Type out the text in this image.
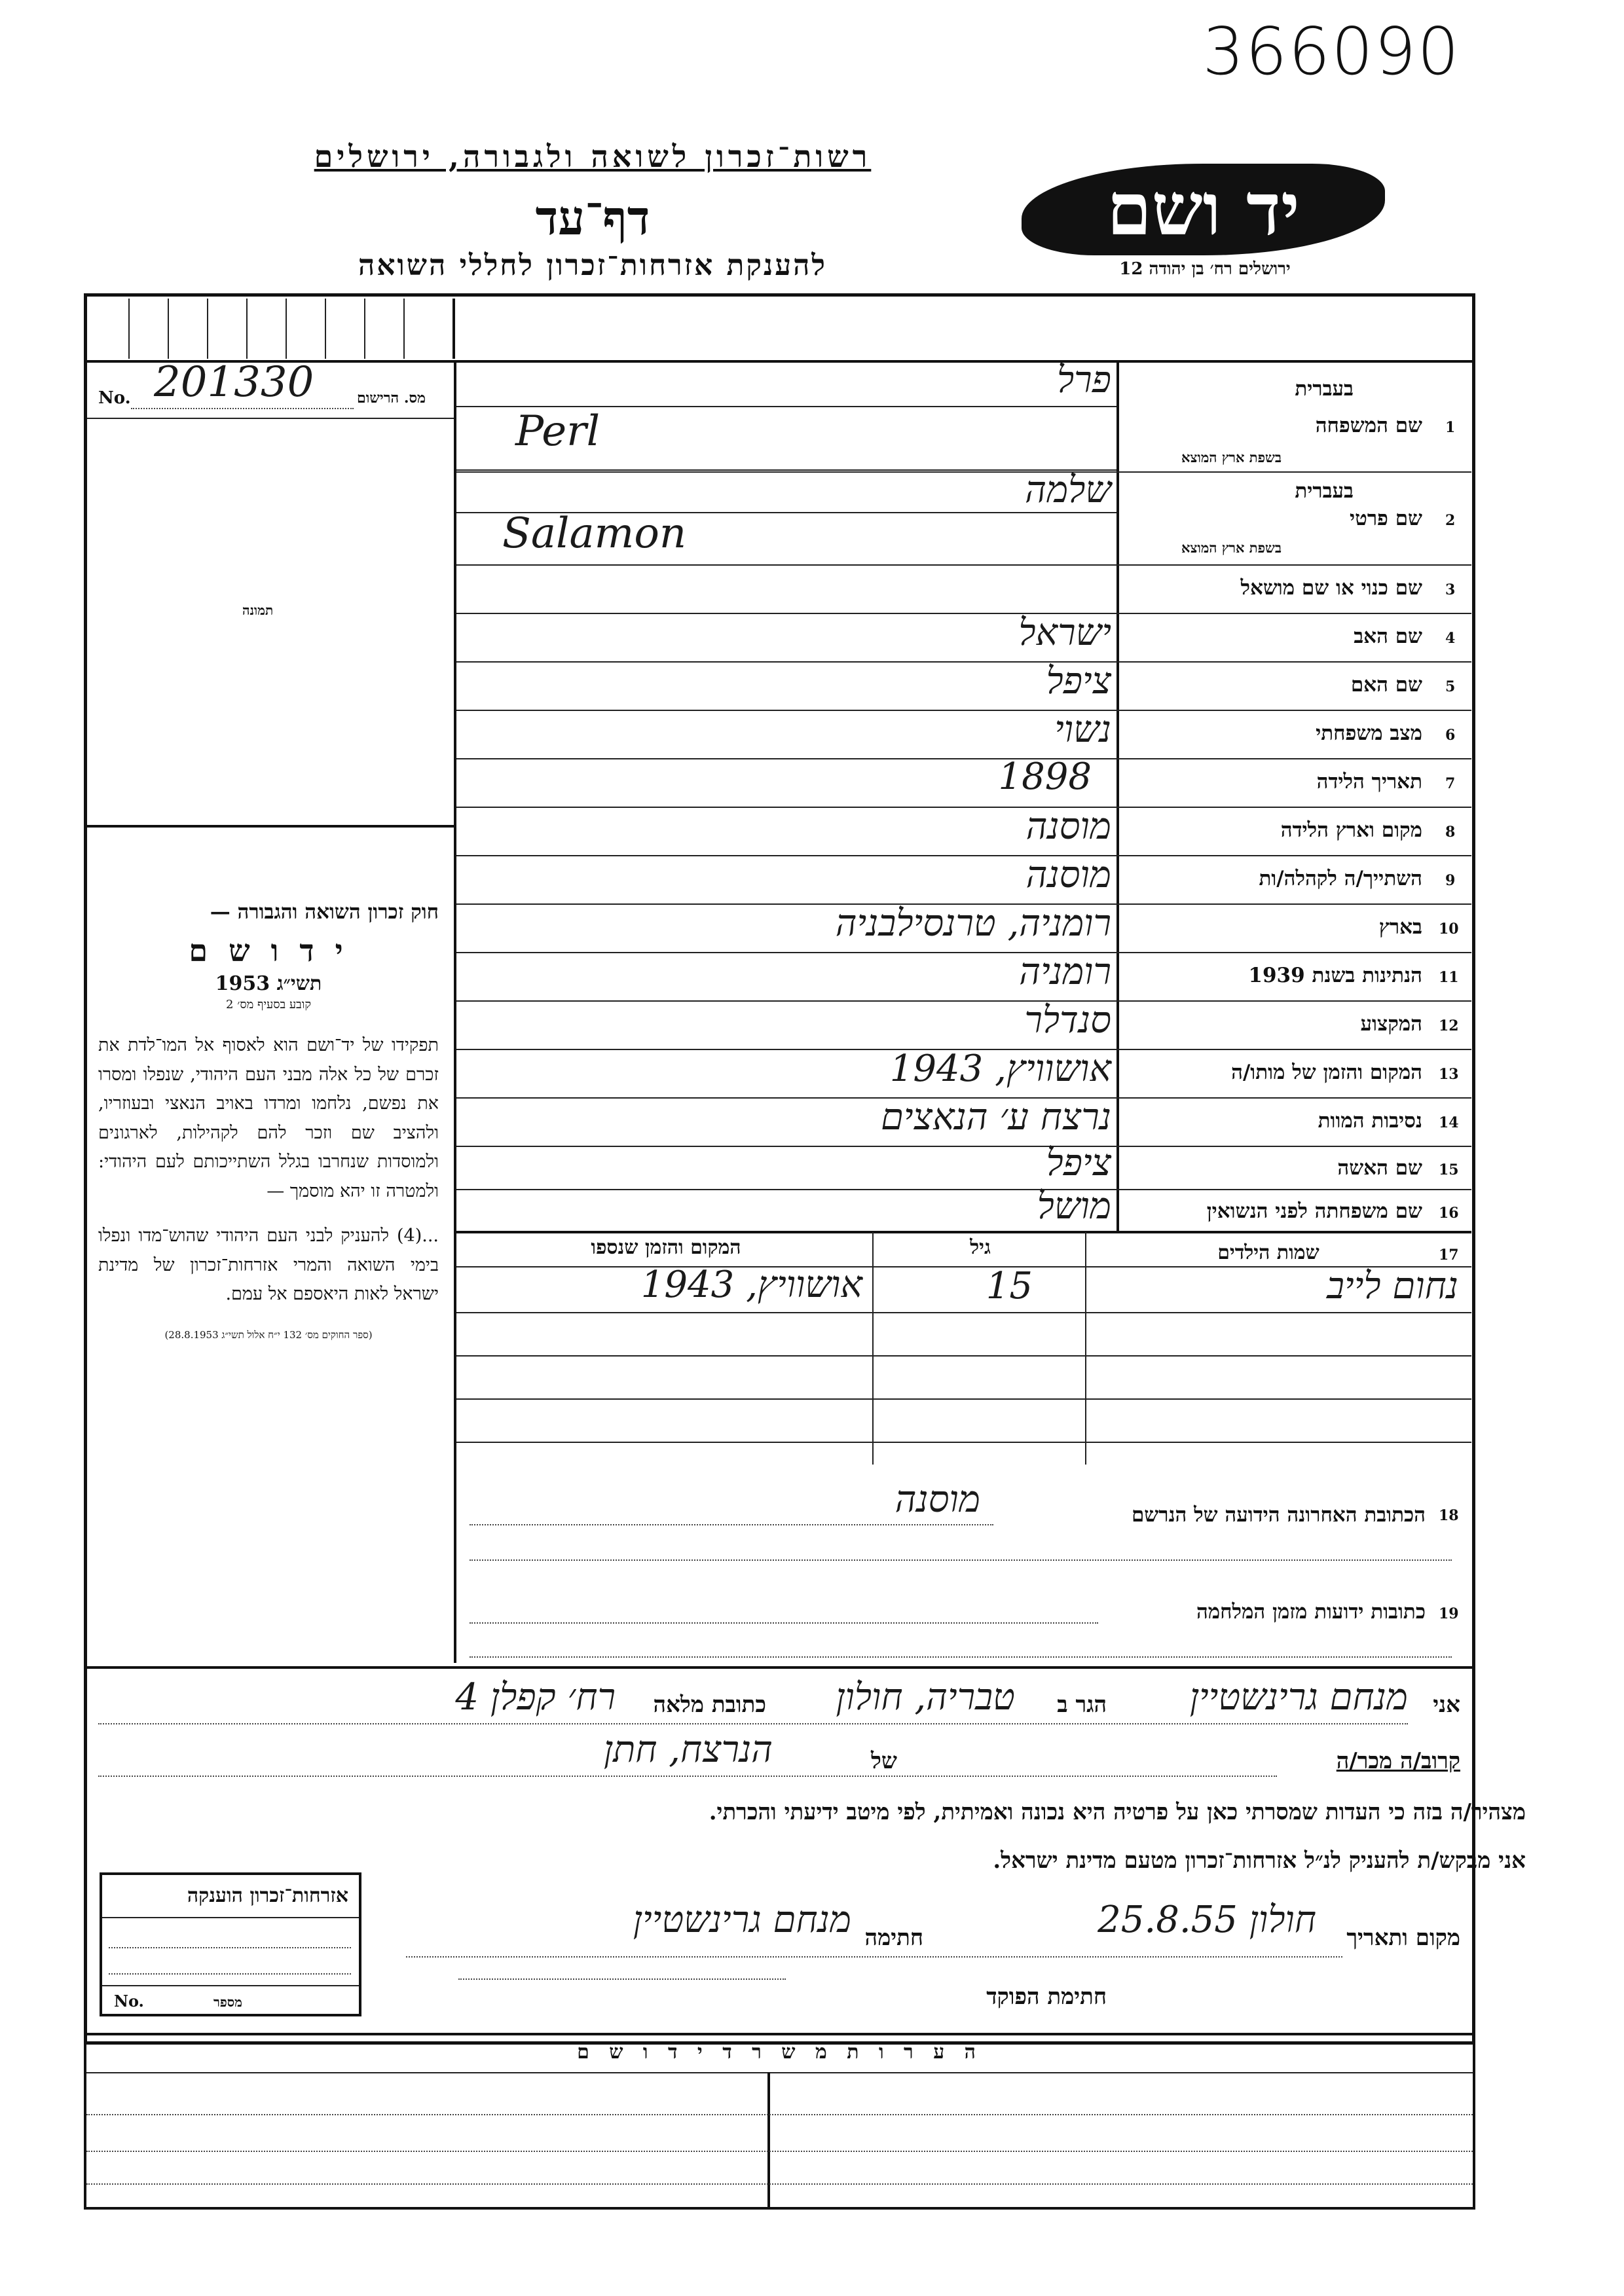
366090
רשות־זכרון לשואה ולגבורה, ירושלים
דף־עד
להענקת אזרחות־זכרון לחללי השואה
יד ושם
ירושלים רח׳ בן יהודה 12
No. 201330	מס. הרישום
תמונה
חוק זכרון השואה והגבורה —
י ד ו ש ם
תשי״ג 1953
קובע בסעיף מס׳ 2
תפקידו של יד־ושם הוא לאסוף אל המו־לדת את זכרם של כל אלה מבני העם היהודי, שנפלו ומסרו את נפשם, נלחמו ומרדו באויב הנאצי ובעוזריו, ולהציב שם וזכר להם לקהילות, לארגונים ולמוסדות שנחרבו בגלל השתייכותם לעם היהודי: ולמטרה זו יהא מוסמך —
...(4) להעניק לבני העם היהודי שהוש־מדו ונפלו בימי השואה והמרי אזרחות־זכרון של מדינת ישראל לאות היאספם אל עמם.
(ספר החוקים מס׳ 132 י״ח אלול תשי״ג 28.8.1953)
פרל
Perl
בעברית
שם המשפחה 1
בשפת ארץ המוצא
שלמה
Salamon
בעברית
שם פרטי 2
בשפת ארץ המוצא
שם כנוי או שם מושאל 3
ישראל	שם האב 4
ציפל	שם האם 5
נשוי	מצב משפחתי 6
1898	תאריך הלידה 7
מוסנה	מקום וארץ הלידה 8
מוסנה	השתייך/ה לקהלה/ות 9
רומניה, טרנסילבניה	בארץ 10
רומניה	הנתינות בשנת 1939 11
סנדלר	המקצוע 12
אושוויץ, 1943	המקום והזמן של מותו/ה 13
נרצח ע׳ הנאצים	נסיבות המוות 14
ציפל	שם האשה 15
מושל	שם משפחתה לפני הנשואין 16
המקום והזמן שנספו	גיל	שמות הילדים	17
אושוויץ, 1943	15	נחום לייב
מוסנה	הכתובת האחרונה הידועה של הנרשם 18
כתובות ידועות מזמן המלחמה 19
אני
מנחם גרינשטיין
הגר ב
טבריה, חולון
כתובת מלאה
רח׳ קפלן 4
קרוב/ה מכר/ה
של
הנרצח, חתן
מצהיר/ה בזה כי העדות שמסרתי כאן על פרטיה היא נכונה ואמיתית, לפי מיטב ידיעתי והכרתי.
אני מבקש/ת להעניק לנ״ל אזרחות־זכרון מטעם מדינת ישראל.
מקום ותאריך
חולון 25.8.55
חתימה
מנחם גרינשטיין
חתימת הפוקד
אזרחות־זכרון הוענקה
No.	מספר
ה ע ר ו ת מ ש ר ד י ד ו ש ם
